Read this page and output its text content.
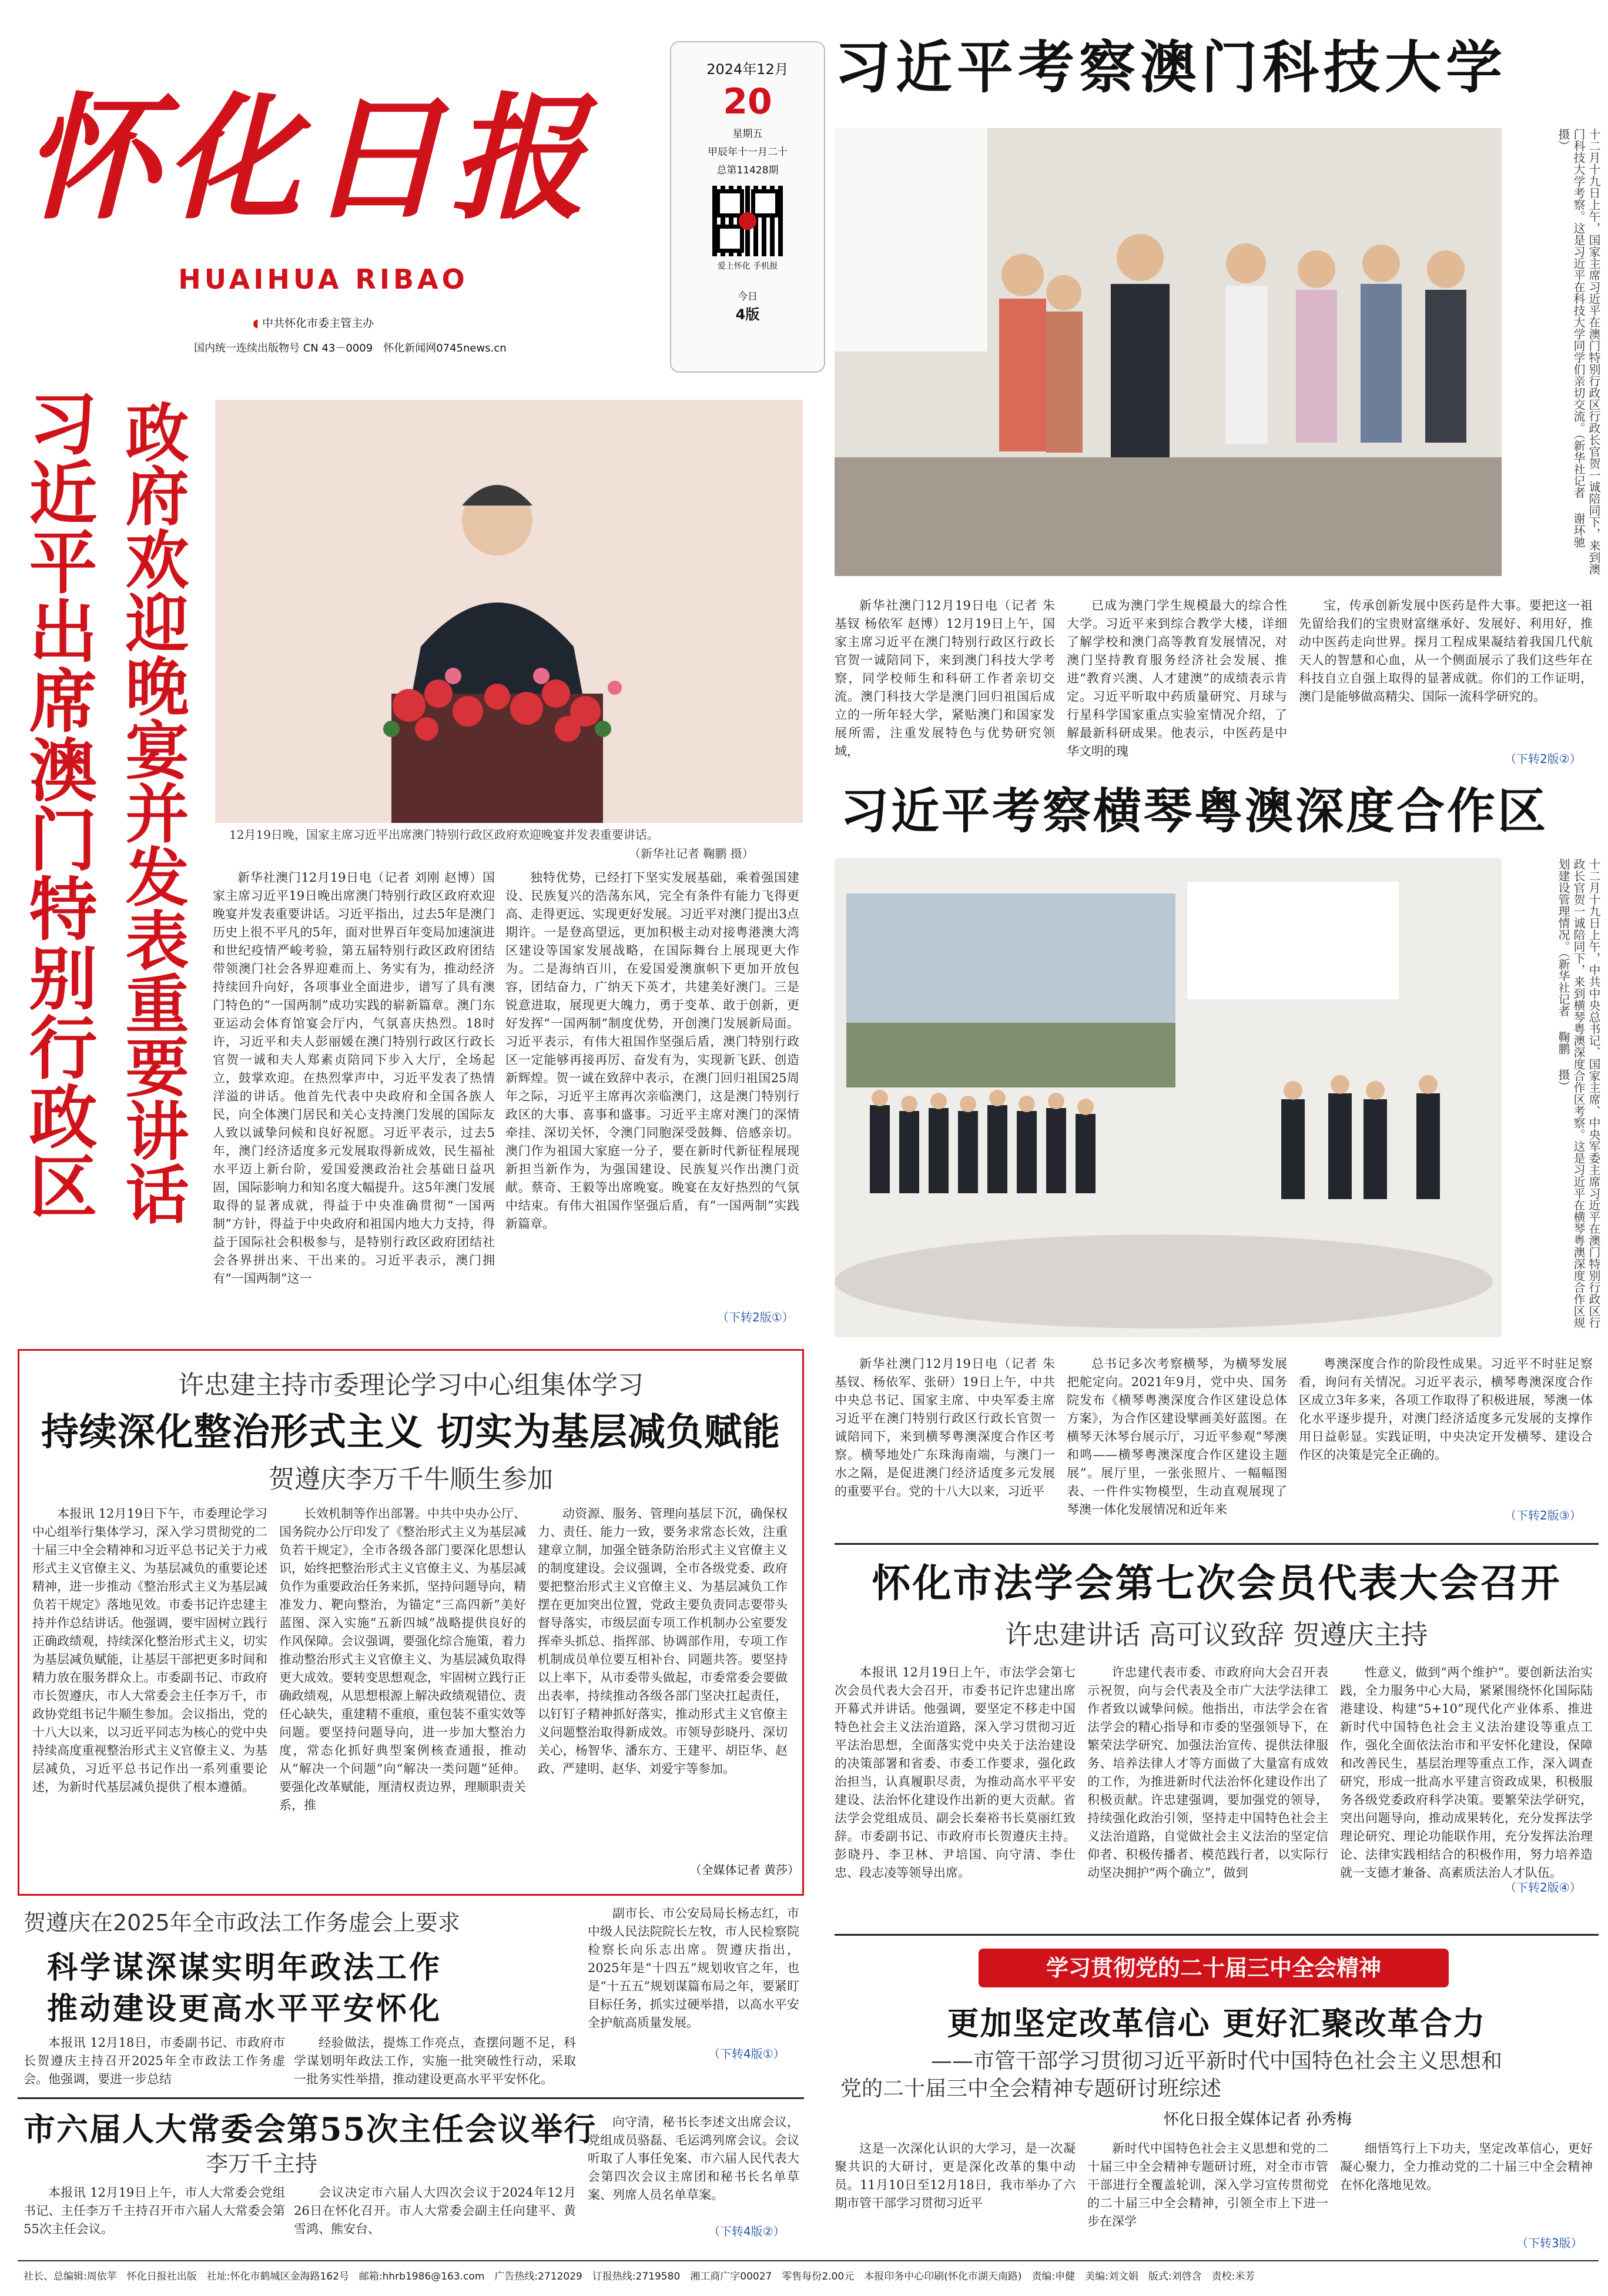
怀化日报
HUAIHUA RIBAO
◖ 中共怀化市委主管主办
国内统一连续出版物号 CN 43－0009　 怀化新闻网0745news.cn
2024年12月
20
星期五
甲辰年十一月二十
总第11428期
爱上怀化 手机报
今日
4版
习近平出席澳门特别行政区 政府欢迎晚宴并发表重要讲话	12月19日晚，国家主席习近平出席澳门特别行政区政府欢迎晚宴并发表重要讲话。
（新华社记者 鞠鹏 摄）
新华社澳门12月19日电（记者 刘刚 赵博）国家主席习近平19日晚出席澳门特别行政区政府欢迎晚宴并发表重要讲话。习近平指出，过去5年是澳门历史上很不平凡的5年，面对世界百年变局加速演进和世纪疫情严峻考验，第五届特别行政区政府团结带领澳门社会各界迎难而上、务实有为，推动经济持续回升向好，各项事业全面进步，谱写了具有澳门特色的“一国两制”成功实践的崭新篇章。澳门东亚运动会体育馆宴会厅内，气氛喜庆热烈。18时许，习近平和夫人彭丽媛在澳门特别行政区行政长官贺一诚和夫人郑素贞陪同下步入大厅，全场起立，鼓掌欢迎。在热烈掌声中，习近平发表了热情洋溢的讲话。他首先代表中央政府和全国各族人民，向全体澳门居民和关心支持澳门发展的国际友人致以诚挚问候和良好祝愿。习近平表示，过去5年，澳门经济适度多元发展取得新成效，民生福祉水平迈上新台阶，爱国爱澳政治社会基础日益巩固，国际影响力和知名度大幅提升。这5年澳门发展取得的显著成就，得益于中央准确贯彻“一国两制”方针，得益于中央政府和祖国内地大力支持，得益于国际社会积极参与，是特别行政区政府团结社会各界拼出来、干出来的。习近平表示，澳门拥有“一国两制”这一
独特优势，已经打下坚实发展基础，乘着强国建设、民族复兴的浩荡东风，完全有条件有能力飞得更高、走得更远、实现更好发展。习近平对澳门提出3点期许。一是登高望远，更加积极主动对接粤港澳大湾区建设等国家发展战略，在国际舞台上展现更大作为。二是海纳百川，在爱国爱澳旗帜下更加开放包容，团结奋力，广纳天下英才，共建美好澳门。三是锐意进取，展现更大魄力，勇于变革、敢于创新，更好发挥“一国两制”制度优势，开创澳门发展新局面。习近平表示，有伟大祖国作坚强后盾，澳门特别行政区一定能够再接再厉、奋发有为，实现新飞跃、创造新辉煌。贺一诚在致辞中表示，在澳门回归祖国25周年之际，习近平主席再次亲临澳门，这是澳门特别行政区的大事、喜事和盛事。习近平主席对澳门的深情牵挂、深切关怀，令澳门同胞深受鼓舞、倍感亲切。澳门作为祖国大家庭一分子，要在新时代新征程展现新担当新作为，为强国建设、民族复兴作出澳门贡献。蔡奇、王毅等出席晚宴。晚宴在友好热烈的气氛中结束。有伟大祖国作坚强后盾，有“一国两制”实践新篇章。
（下转2版①）
习近平考察澳门科技大学
十二月十九日上午，国家主席习近平在澳门特别行政区行政长官贺一诚陪同下，来到澳门科技大学考察。这是习近平在科技大学同学们亲切交流。（新华社记者 谢环驰 摄）
新华社澳门12月19日电（记者 朱基钗 杨依军 赵博）12月19日上午，国家主席习近平在澳门特别行政区行政长官贺一诚陪同下，来到澳门科技大学考察，同学校师生和科研工作者亲切交流。澳门科技大学是澳门回归祖国后成立的一所年轻大学，紧贴澳门和国家发展所需，注重发展特色与优势研究领域，
已成为澳门学生规模最大的综合性大学。习近平来到综合教学大楼，详细了解学校和澳门高等教育发展情况，对澳门坚持教育服务经济社会发展、推进“教育兴澳、人才建澳”的成绩表示肯定。习近平听取中药质量研究、月球与行星科学国家重点实验室情况介绍，了解最新科研成果。他表示，中医药是中华文明的瑰
宝，传承创新发展中医药是件大事。要把这一祖先留给我们的宝贵财富继承好、发展好、利用好，推动中医药走向世界。探月工程成果凝结着我国几代航天人的智慧和心血，从一个侧面展示了我们这些年在科技自立自强上取得的显著成就。你们的工作证明，澳门是能够做高精尖、国际一流科学研究的。
（下转2版②）
习近平考察横琴粤澳深度合作区
十二月十九日上午，中共中央总书记、国家主席、中央军委主席习近平在澳门特别行政区行政长官贺一诚陪同下，来到横琴粤澳深度合作区考察。这是习近平在横琴粤澳深度合作区规划建设管理情况。（新华社记者 鞠鹏 摄）
新华社澳门12月19日电（记者 朱基钗、杨依军、张研）19日上午，中共中央总书记、国家主席、中央军委主席习近平在澳门特别行政区行政长官贺一诚陪同下，来到横琴粤澳深度合作区考察。横琴地处广东珠海南端，与澳门一水之隔，是促进澳门经济适度多元发展的重要平台。党的十八大以来，习近平
总书记多次考察横琴，为横琴发展把舵定向。2021年9月，党中央、国务院发布《横琴粤澳深度合作区建设总体方案》，为合作区建设擘画美好蓝图。在横琴天沐琴台展示厅，习近平参观“琴澳和鸣——横琴粤澳深度合作区建设主题展”。展厅里，一张张照片、一幅幅图表、一件件实物模型，生动直观展现了琴澳一体化发展情况和近年来
粤澳深度合作的阶段性成果。习近平不时驻足察看，询问有关情况。习近平表示，横琴粤澳深度合作区成立3年多来，各项工作取得了积极进展，琴澳一体化水平逐步提升，对澳门经济适度多元发展的支撑作用日益彰显。实践证明，中央决定开发横琴、建设合作区的决策是完全正确的。
（下转2版③）
许忠建主持市委理论学习中心组集体学习
持续深化整治形式主义 切实为基层减负赋能
贺遵庆李万千牛顺生参加
本报讯 12月19日下午，市委理论学习中心组举行集体学习，深入学习贯彻党的二十届三中全会精神和习近平总书记关于力戒形式主义官僚主义、为基层减负的重要论述精神，进一步推动《整治形式主义为基层减负若干规定》落地见效。市委书记许忠建主持并作总结讲话。他强调，要牢固树立践行正确政绩观，持续深化整治形式主义，切实为基层减负赋能，让基层干部把更多时间和精力放在服务群众上。市委副书记、市政府市长贺遵庆，市人大常委会主任李万千，市政协党组书记牛顺生参加。会议指出，党的十八大以来，以习近平同志为核心的党中央持续高度重视整治形式主义官僚主义、为基层减负，习近平总书记作出一系列重要论述，为新时代基层减负提供了根本遵循。
长效机制等作出部署。中共中央办公厅、国务院办公厅印发了《整治形式主义为基层减负若干规定》，全市各级各部门要深化思想认识，始终把整治形式主义官僚主义、为基层减负作为重要政治任务来抓，坚持问题导向，精准发力、靶向整治，为锚定“三高四新”美好蓝图、深入实施“五新四城”战略提供良好的作风保障。会议强调，要强化综合施策，着力推动整治形式主义官僚主义、为基层减负取得更大成效。要转变思想观念，牢固树立践行正确政绩观，从思想根源上解决政绩观错位、责任心缺失，重建精不重痕，重包装不重实效等问题。要坚持问题导向，进一步加大整治力度，常态化抓好典型案例核查通报，推动从“解决一个问题”向“解决一类问题”延伸。要强化改革赋能，厘清权责边界，理顺职责关系，推
动资源、服务、管理向基层下沉，确保权力、责任、能力一致，要务求常态长效，注重建章立制，加强全链条防治形式主义官僚主义的制度建设。会议强调，全市各级党委、政府要把整治形式主义官僚主义、为基层减负工作摆在更加突出位置，党政主要负责同志要带头督导落实，市级层面专项工作机制办公室要发挥牵头抓总、指挥部、协调部作用，专项工作机制成员单位要互相补台、同题共答。要坚持以上率下，从市委带头做起，市委常委会要做出表率，持续推动各级各部门坚决扛起责任，以钉钉子精神抓好落实，推动形式主义官僚主义问题整治取得新成效。市领导彭晓丹、深切关心，杨智华、潘东方、王建平、胡臣华、赵政、严建明、赵华、刘爱宇等参加。
（全媒体记者 黄莎）
怀化市法学会第七次会员代表大会召开
许忠建讲话 高可议致辞 贺遵庆主持
本报讯 12月19日上午，市法学会第七次会员代表大会召开，市委书记许忠建出席开幕式并讲话。他强调，要坚定不移走中国特色社会主义法治道路，深入学习贯彻习近平法治思想，全面落实党中央关于法治建设的决策部署和省委、市委工作要求，强化政治担当，认真履职尽责，为推动高水平平安建设、法治怀化建设作出新的更大贡献。省法学会党组成员、副会长秦裕书长莫丽红致辞。市委副书记、市政府市长贺遵庆主持。彭晓丹、李卫林、尹培国、向守清、李仕忠、段志凌等领导出席。
许忠建代表市委、市政府向大会召开表示祝贺，向与会代表及全市广大法学法律工作者致以诚挚问候。他指出，市法学会在省法学会的精心指导和市委的坚强领导下，在繁荣法学研究、加强法治宣传、提供法律服务、培养法律人才等方面做了大量富有成效的工作，为推进新时代法治怀化建设作出了积极贡献。许忠建强调，要加强党的领导，持续强化政治引领，坚持走中国特色社会主义法治道路，自觉做社会主义法治的坚定信仰者、积极传播者、模范践行者，以实际行动坚决拥护“两个确立”，做到
性意义，做到“两个维护”。要创新法治实践，全力服务中心大局，紧紧围绕怀化国际陆港建设、构建“5+10”现代化产业体系、推进新时代中国特色社会主义法治建设等重点工作，强化全面依法治市和平安怀化建设，保障和改善民生，基层治理等重点工作，深入调查研究，形成一批高水平建言资政成果，积极服务各级党委政府科学决策。要繁荣法学研究，突出问题导向，推动成果转化，充分发挥法学理论研究、理论功能联作用，充分发挥法治理论、法律实践相结合的积极作用，努力培养造就一支德才兼备、高素质法治人才队伍。
（下转2版④）
贺遵庆在2025年全市政法工作务虚会上要求
科学谋深谋实明年政法工作
推动建设更高水平平安怀化
本报讯 12月18日，市委副书记、市政府市长贺遵庆主持召开2025年全市政法工作务虚会。他强调，要进一步总结
经验做法，提炼工作亮点，查摆问题不足，科学谋划明年政法工作，实施一批突破性行动，采取一批务实性举措，推动建设更高水平平安怀化。
副市长、市公安局局长杨志红，市中级人民法院院长左牧，市人民检察院检察长向乐志出席。贺遵庆指出，2025年是“十四五”规划收官之年，也是“十五五”规划谋篇布局之年，要紧盯目标任务，抓实过硬举措，以高水平安全护航高质量发展。
（下转4版①）
市六届人大常委会第55次主任会议举行
李万千主持
本报讯 12月19日上午，市人大常委会党组书记、主任李万千主持召开市六届人大常委会第55次主任会议。
会议决定市六届人大四次会议于2024年12月26日在怀化召开。市人大常委会副主任向建平、黄雪鸿、熊安台、
向守清，秘书长李述文出席会议，党组成员骆磊、毛运鸿列席会议。会议听取了人事任免案、市六届人民代表大会第四次会议主席团和秘书长名单草案、列席人员名单草案。
（下转4版②）
学习贯彻党的二十届三中全会精神
更加坚定改革信心 更好汇聚改革合力
——市管干部学习贯彻习近平新时代中国特色社会主义思想和
党的二十届三中全会精神专题研讨班综述
怀化日报全媒体记者 孙秀梅
这是一次深化认识的大学习，是一次凝聚共识的大研讨，更是深化改革的集中动员。11月10日至12月18日，我市举办了六期市管干部学习贯彻习近平
新时代中国特色社会主义思想和党的二十届三中全会精神专题研讨班，对全市市管干部进行全覆盖轮训，深入学习宣传贯彻党的二十届三中全会精神，引领全市上下进一步在深学
细悟笃行上下功夫，坚定改革信心，更好凝心聚力，全力推动党的二十届三中全会精神在怀化落地见效。
（下转3版）
社长、总编辑:周依苹　怀化日报社出版　社址:怀化市鹤城区金海路162号　邮箱:hhrb1986@163.com　广告热线:2712029　订报热线:2719580　湘工商广字00027　零售每份2.00元　本报印务中心印刷(怀化市湖天南路)　责编:申健　美编:刘文娟　版式:刘啓含　责校:米芳
